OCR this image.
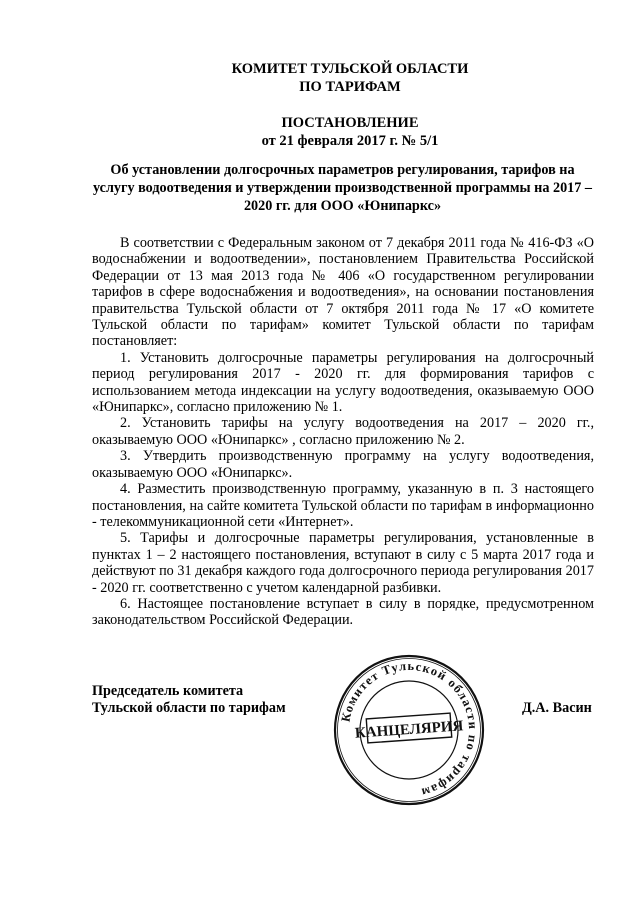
КОМИТЕТ ТУЛЬСКОЙ ОБЛАСТИ
ПО ТАРИФАМ
ПОСТАНОВЛЕНИЕ
от 21 февраля 2017 г. № 5/1
Об установлении долгосрочных параметров регулирования, тарифов на услугу водоотведения и утверждении производственной программы на 2017 – 2020 гг. для ООО «Юнипаркс»

В соответствии с Федеральным законом от 7 декабря 2011 года № 416-ФЗ «О водоснабжении и водоотведении», постановлением Правительства Российской Федерации от 13 мая 2013 года № 406 «О государственном регулировании тарифов в сфере водоснабжения и водоотведения», на основании постановления правительства Тульской области от 7 октября 2011 года № 17 «О комитете Тульской области по тарифам» комитет Тульской области по тарифам постановляет:

1. Установить долгосрочные параметры регулирования на долгосрочный период регулирования 2017 - 2020 гг. для формирования тарифов с использованием метода индексации на услугу водоотведения, оказываемую ООО «Юнипаркс», согласно приложению № 1.

2. Установить тарифы на услугу водоотведения на 2017 – 2020 гг., оказываемую ООО «Юнипаркс» , согласно приложению № 2.

3. Утвердить производственную программу на услугу водоотведения, оказываемую ООО «Юнипаркс».

4. Разместить производственную программу, указанную в п. 3 настоящего постановления, на сайте комитета Тульской области по тарифам в информационно - телекоммуникационной сети «Интернет».

5. Тарифы и долгосрочные параметры регулирования, установленные в пунктах 1 – 2 настоящего постановления, вступают в силу с 5 марта 2017 года и действуют по 31 декабря каждого года долгосрочного периода регулирования 2017 - 2020 гг. соответственно с учетом календарной разбивки.

6. Настоящее постановление вступает в силу в порядке, предусмотренном законодательством Российской Федерации.

Председатель комитета
Тульской области по тарифам	Д.А. Васин
Комитет Тульской области по тарифам
КАНЦЕЛЯРИЯ
